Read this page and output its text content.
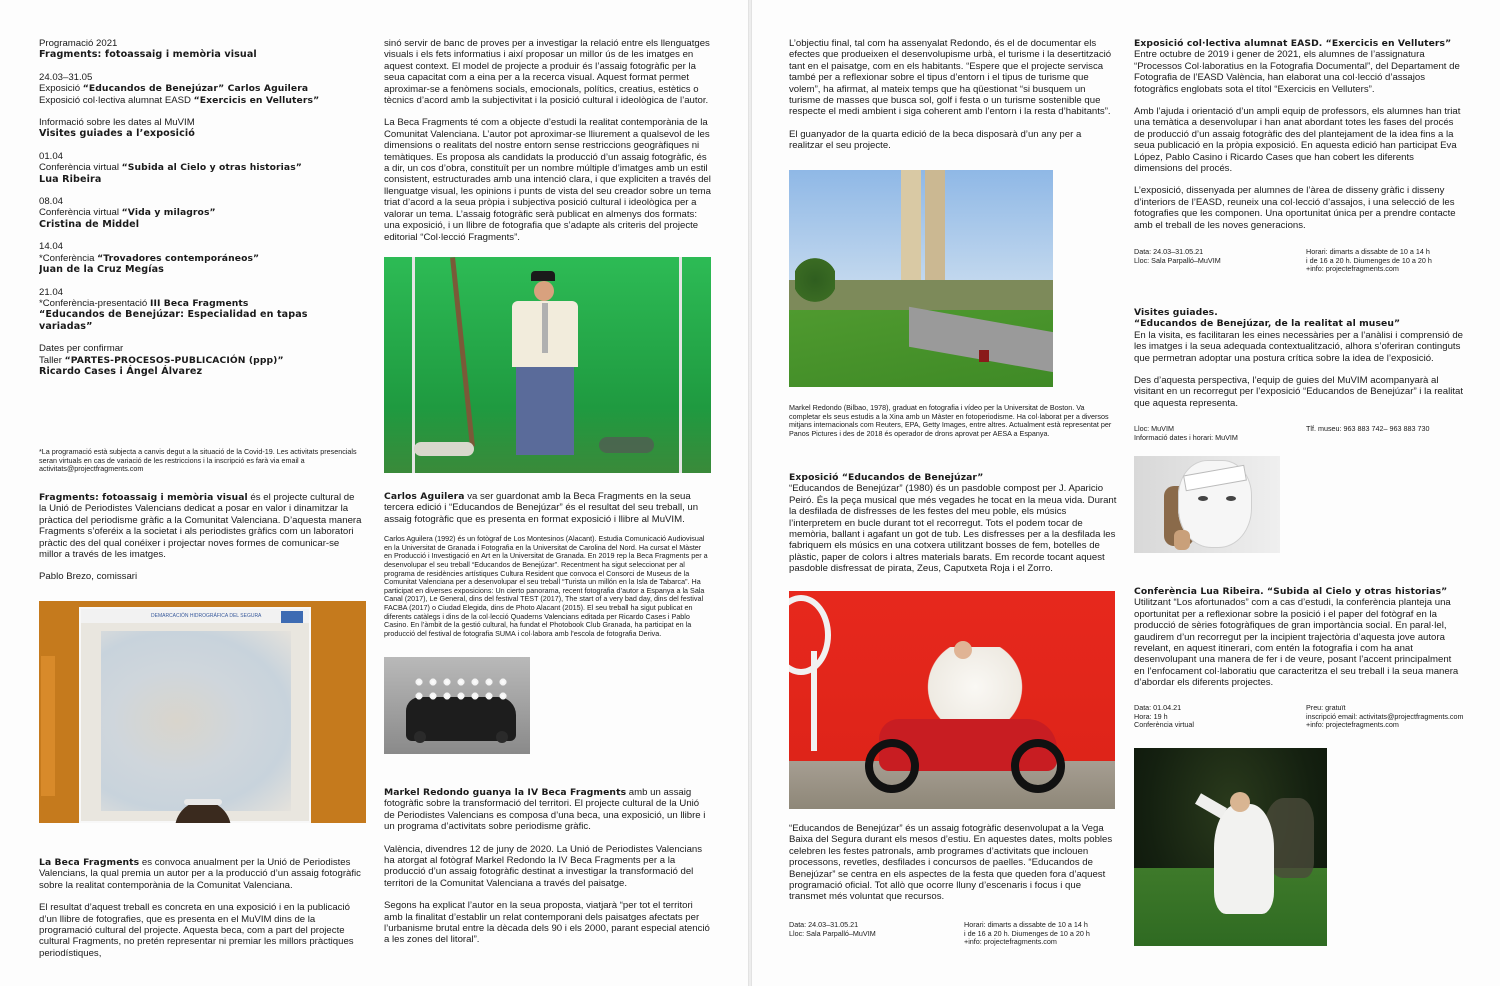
Programació 2021
Fragments: fotoassaig i memòria visual
24.03–31.05
Exposició “Educandos de Benejúzar” Carlos Aguilera
Exposició col·lectiva alumnat EASD “Exercicis en Velluters”
Informació sobre les dates al MuVIM
Visites guiades a l’exposició
01.04
Conferència virtual “Subida al Cielo y otras historias”
Lua Ribeira
08.04
Conferència virtual “Vida y milagros”
Cristina de Middel
14.04
*Conferència “Trovadores contemporáneos”
Juan de la Cruz Megías
21.04
*Conferència-presentació III Beca Fragments
“Educandos de Benejúzar: Especialidad en tapas variadas”
Dates per confirmar
Taller “PARTES-PROCESOS-PUBLICACIÓN (ppp)”
Ricardo Cases i Ángel Álvarez
*La programació està subjecta a canvis degut a la situació de la Covid-19. Les activitats presencials seran virtuals en cas de variació de les restriccions i la inscripció es farà via email a activitats@projectfragments.com

Fragments: fotoassaig i memòria visual és el projecte cultural de la Unió de Periodistes Valencians dedicat a posar en valor i dinamitzar la pràctica del periodisme gràfic a la Comunitat Valenciana. D’aquesta manera Fragments s’oferéix a la societat i als periodistes gràfics com un laboratori pràctic des del qual conéixer i projectar noves formes de comunicar-se millor a través de les imatges.

Pablo Brezo, comissari

DEMARCACIÓN HIDROGRÁFICA DEL SEGURA

La Beca Fragments es convoca anualment per la Unió de Periodistes Valencians, la qual premia un autor per a la producció d’un assaig fotogràfic sobre la realitat contemporània de la Comunitat Valenciana.

El resultat d’aquest treball es concreta en una exposició i en la publicació d’un llibre de fotografies, que es presenta en el MuVIM dins de la programació cultural del projecte. Aquesta beca, com a part del projecte cultural Fragments, no pretén representar ni premiar les millors pràctiques periodístiques,

sinó servir de banc de proves per a investigar la relació entre els llenguatges visuals i els fets informatius i així proposar un millor ús de les imatges en aquest context. El model de projecte a produir és l’assaig fotogràfic per la seua capacitat com a eina per a la recerca visual. Aquest format permet aproximar-se a fenòmens socials, emocionals, polítics, creatius, estètics o tècnics d’acord amb la subjectivitat i la posició cultural i ideològica de l’autor.

La Beca Fragments té com a objecte d’estudi la realitat contemporània de la Comunitat Valenciana. L’autor pot aproximar-se lliurement a qualsevol de les dimensions o realitats del nostre entorn sense restriccions geogràfiques ni temàtiques. Es proposa als candidats la producció d’un assaig fotogràfic, és a dir, un cos d’obra, constituït per un nombre múltiple d’imatges amb un estil consistent, estructurades amb una intenció clara, i que expliciten a través del llenguatge visual, les opinions i punts de vista del seu creador sobre un tema triat d’acord a la seua pròpia i subjectiva posició cultural i ideològica per a valorar un tema. L’assaig fotogràfic serà publicat en almenys dos formats: una exposició, i un llibre de fotografia que s’adapte als criteris del projecte editorial “Col·lecció Fragments”.

Carlos Aguilera va ser guardonat amb la Beca Fragments en la seua tercera edició i “Educandos de Benejúzar” és el resultat del seu treball, un assaig fotogràfic que es presenta en format exposició i llibre al MuVIM.

Carlos Aguilera (1992) és un fotògraf de Los Montesinos (Alacant). Estudia Comunicació Audiovisual en la Universitat de Granada i Fotografia en la Universitat de Carolina del Nord. Ha cursat el Màster en Producció i Investigació en Art en la Universitat de Granada. En 2019 rep la Beca Fragments per a desenvolupar el seu treball “Educandos de Benejúzar”. Recentment ha sigut seleccionat per al programa de residències artístiques Cultura Resident que convoca el Consorci de Museus de la Comunitat Valenciana per a desenvolupar el seu treball “Turista un millón en la Isla de Tabarca”. Ha participat en diverses exposicions: Un cierto panorama, recent fotografia d’autor a Espanya a la Sala Canal (2017), Le General, dins del festival TEST (2017), The start of a very bad day, dins del festival FACBA (2017) o Ciudad Elegida, dins de Photo Alacant (2015). El seu treball ha sigut publicat en diferents catàlegs i dins de la col·lecció Quaderns Valencians editada per Ricardo Cases i Pablo Casino. En l’àmbit de la gestió cultural, ha fundat el Photobook Club Granada, ha participat en la producció del festival de fotografia SUMA i col·labora amb l’escola de fotografia Deriva.

Markel Redondo guanya la IV Beca Fragments amb un assaig fotogràfic sobre la transformació del territori. El projecte cultural de la Unió de Periodistes Valencians es composa d’una beca, una exposició, un llibre i un programa d’activitats sobre periodisme gràfic.

València, divendres 12 de juny de 2020. La Unió de Periodistes Valencians ha atorgat al fotògraf Markel Redondo la IV Beca Fragments per a la producció d’un assaig fotogràfic destinat a investigar la transformació del territori de la Comunitat Valenciana a través del paisatge.

Segons ha explicat l’autor en la seua proposta, viatjarà “per tot el territori amb la finalitat d’establir un relat contemporani dels paisatges afectats per l’urbanisme brutal entre la dècada dels 90 i els 2000, parant especial atenció a les zones del litoral”.

L’objectiu final, tal com ha assenyalat Redondo, és el de documentar els efectes que produeixen el desenvolupisme urbà, el turisme i la desertització tant en el paisatge, com en els habitants. “Espere que el projecte servisca també per a reflexionar sobre el tipus d’entorn i el tipus de turisme que volem”, ha afirmat, al mateix temps que ha qüestionat “si busquem un turisme de masses que busca sol, golf i festa o un turisme sostenible que respecte el medi ambient i siga coherent amb l’entorn i la resta d’habitants”.

El guanyador de la quarta edició de la beca disposarà d’un any per a realitzar el seu projecte.

Markel Redondo (Bilbao, 1978), graduat en fotografia i vídeo per la Universitat de Boston. Va completar els seus estudis a la Xina amb un Màster en fotoperiodisme. Ha col·laborat per a diversos mitjans internacionals com Reuters, EPA, Getty Images, entre altres. Actualment està representat per Panos Pictures i des de 2018 és operador de drons aprovat per AESA a Espanya.

Exposició “Educandos de Benejúzar”

“Educandos de Benejúzar” (1980) és un pasdoble compost per J. Aparicio Peiró. És la peça musical que més vegades he tocat en la meua vida. Durant la desfilada de disfresses de les festes del meu poble, els músics l’interpretem en bucle durant tot el recorregut. Tots el podem tocar de memòria, ballant i agafant un got de tub. Les disfresses per a la desfilada les fabriquem els músics en una cotxera utilitzant bosses de fem, botelles de plàstic, paper de colors i altres materials barats. Em recorde tocant aquest pasdoble disfressat de pirata, Zeus, Caputxeta Roja i el Zorro.

“Educandos de Benejúzar” és un assaig fotogràfic desenvolupat a la Vega Baixa del Segura durant els mesos d’estiu. En aquestes dates, molts pobles celebren les festes patronals, amb programes d’activitats que inclouen processons, revetles, desfilades i concursos de paelles. “Educandos de Benejúzar” se centra en els aspectes de la festa que queden fora d’aquest programació oficial. Tot allò que ocorre lluny d’escenaris i focus i que transmet més voluntat que recursos.

Data: 24.03–31.05.21
Lloc: Sala Parpalló–MuVIM
Horari: dimarts a dissabte de 10 a 14 h
i de 16 a 20 h. Diumenges de 10 a 20 h
+info: projectefragments.com

Exposició col·lectiva alumnat EASD. “Exercicis en Velluters”

Entre octubre de 2019 i gener de 2021, els alumnes de l’assignatura “Processos Col·laboratius en la Fotografia Documental”, del Departament de Fotografia de l’EASD València, han elaborat una col·lecció d’assajos fotogràfics englobats sota el títol “Exercicis en Velluters”.

Amb l’ajuda i orientació d’un ampli equip de professors, els alumnes han triat una temàtica a desenvolupar i han anat abordant totes les fases del procés de producció d’un assaig fotogràfic des del plantejament de la idea fins a la seua publicació en la pròpia exposició. En aquesta edició han participat Eva López, Pablo Casino i Ricardo Cases que han cobert les diferents dimensions del procés.

L’exposició, dissenyada per alumnes de l’àrea de disseny gràfic i disseny d’interiors de l’EASD, reuneix una col·lecció d’assajos, i una selecció de les fotografies que les componen. Una oportunitat única per a prendre contacte amb el treball de les noves generacions.

Data: 24.03–31.05.21
Lloc: Sala Parpalló–MuVIM
Horari: dimarts a dissabte de 10 a 14 h
i de 16 a 20 h. Diumenges de 10 a 20 h
+info: projectefragments.com

Visites guiades.

“Educandos de Benejúzar, de la realitat al museu”

En la visita, es facilitaran les eines necessàries per a l’anàlisi i comprensió de les imatges i la seua adequada contextualització, alhora s’oferiran continguts que permetran adoptar una postura crítica sobre la idea de l’exposició.

Des d’aquesta perspectiva, l’equip de guies del MuVIM acompanyarà al visitant en un recorregut per l’exposició “Educandos de Benejúzar” i la realitat que aquesta representa.

Lloc: MuVIM
Informació dates i horari: MuVIM
Tlf. museu: 963 883 742– 963 883 730

Conferència Lua Ribeira. “Subida al Cielo y otras historias”

Utilitzant “Los afortunados” com a cas d’estudi, la conferència planteja una oportunitat per a reflexionar sobre la posició i el paper del fotògraf en la producció de sèries fotogràfiques de gran importància social. En paral·lel, gaudirem d’un recorregut per la incipient trajectòria d’aquesta jove autora revelant, en aquest itinerari, com entén la fotografia i com ha anat desenvolupant una manera de fer i de veure, posant l’accent principalment en l’enfocament col·laboratiu que caracteritza el seu treball i la seua manera d’abordar els diferents projectes.

Data: 01.04.21
Hora: 19 h
Conferència virtual
Preu: gratuït
inscripció email: activitats@projectfragments.com
+info: projectefragments.com
